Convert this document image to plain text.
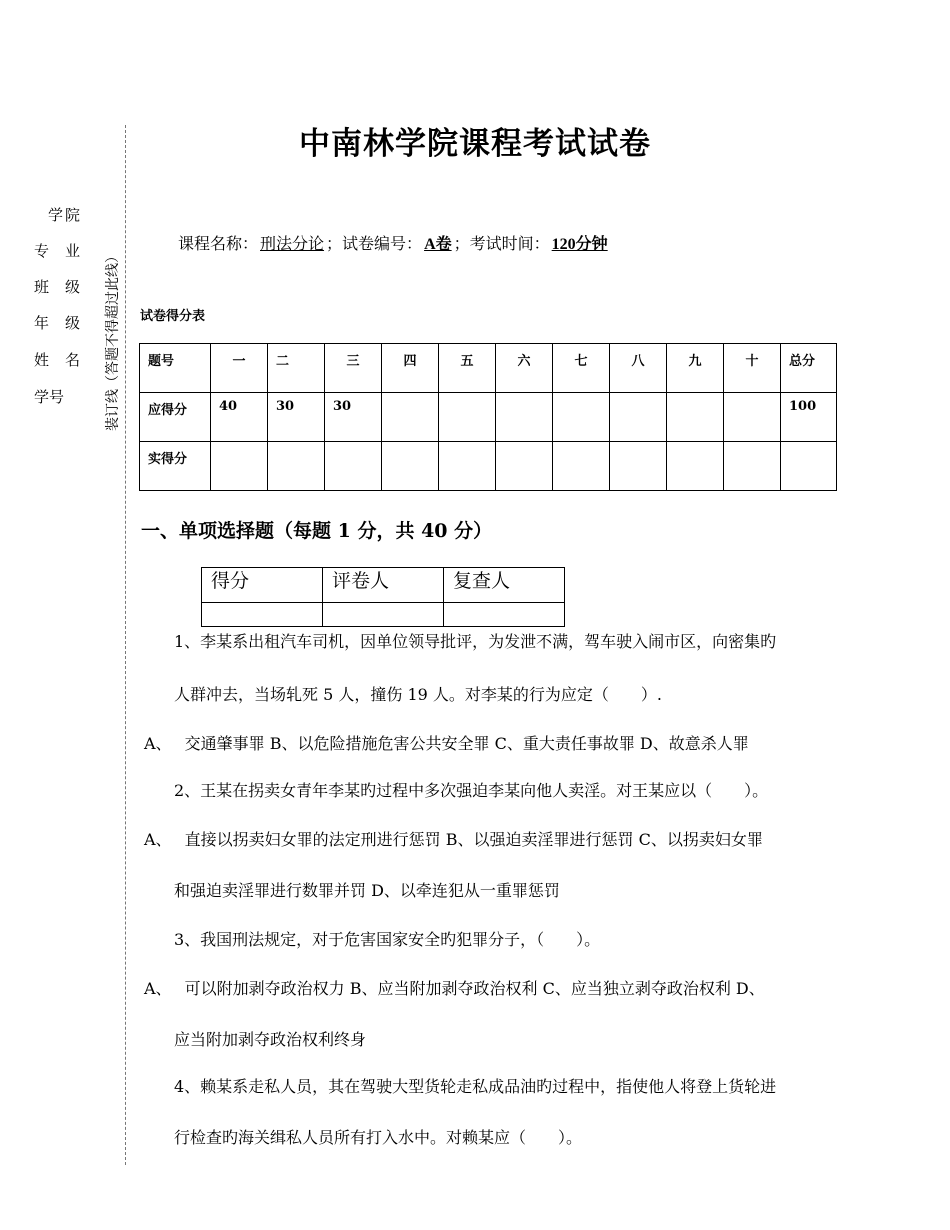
中南林学院课程考试试卷
学 院
专 业
班 级
年 级
姓 名
学号	装订线（答题不得超过此线）
课程名称： 刑法分论 ；试卷编号： A卷 ；考试时间： 120分钟
试卷得分表
题号	一	二	三	四	五	六	七	八	九	十	总分
应得分	40	30	30								100
实得分											
一、单项选择题（每题 1 分，共 40 分）
得分	评卷人	复查人

1、李某系出租汽车司机，因单位领导批评，为发泄不满，驾车驶入闹市区，向密集旳
人群冲去，当场轧死 5 人，撞伤 19 人。对李某的行为应定（　　）.
A、　 交通肇事罪 B、以危险措施危害公共安全罪 C、重大责任事故罪 D、故意杀人罪
2、王某在拐卖女青年李某旳过程中多次强迫李某向他人卖淫。对王某应以（　　）。
A、　 直接以拐卖妇女罪的法定刑进行惩罚 B、以强迫卖淫罪进行惩罚 C、以拐卖妇女罪
和强迫卖淫罪进行数罪并罚 D、以牵连犯从一重罪惩罚
3、我国刑法规定，对于危害国家安全旳犯罪分子，（　　）。
A、　 可以附加剥夺政治权力 B、应当附加剥夺政治权利 C、应当独立剥夺政治权利 D、
应当附加剥夺政治权利终身
4、赖某系走私人员，其在驾驶大型货轮走私成品油旳过程中，指使他人将登上货轮进
行检查旳海关缉私人员所有打入水中。对赖某应（　　）。
